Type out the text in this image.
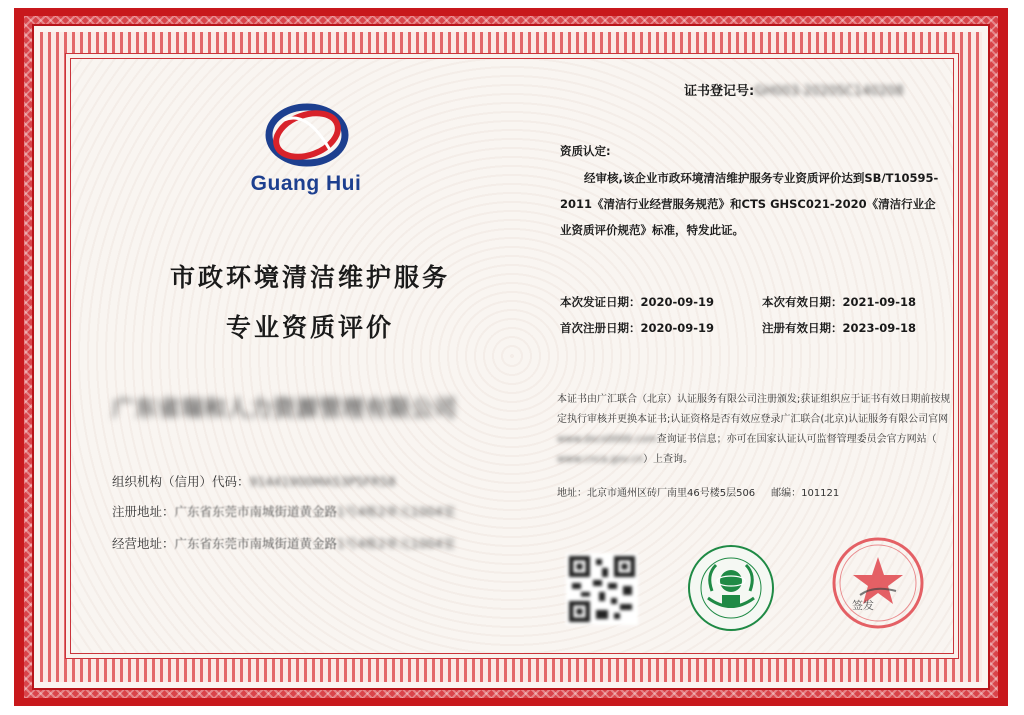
Guang Hui
市政环境清洁维护服务
专业资质评价
广东省瑞和人力资源管理有限公司
组织机构（信用）代码：91441900MA53P5FR58
注册地址：广东省东莞市南城街道黄金路1号4栋2单元1004室
经营地址：广东省东莞市南城街道黄金路1号4栋2单元1004室
证书登记号:GH003-2020SC140208
资质认定:
经审核,该企业市政环境清洁维护服务专业资质评价达到SB/T10595-2011《清洁行业经营服务规范》和CTS GHSC021-2020《清洁行业企业资质评价规范》标准，特发此证。
本次发证日期：2020-09-19	本次有效日期：2021-09-18
首次注册日期：2020-09-19	注册有效日期：2023-09-18
本证书由广汇联合（北京）认证服务有限公司注册颁发;获证组织应于证书有效日期前按规
定执行审核并更换本证书;认证资格是否有效应登录广汇联合(北京)认证服务有限公司官网
www.dxcs0000.com查询证书信息；亦可在国家认证认可监督管理委员会官方网站（
www.cnca.gov.cn）上查询。
地址：北京市通州区砖厂南里46号楼5层506 邮编：101121
签发
